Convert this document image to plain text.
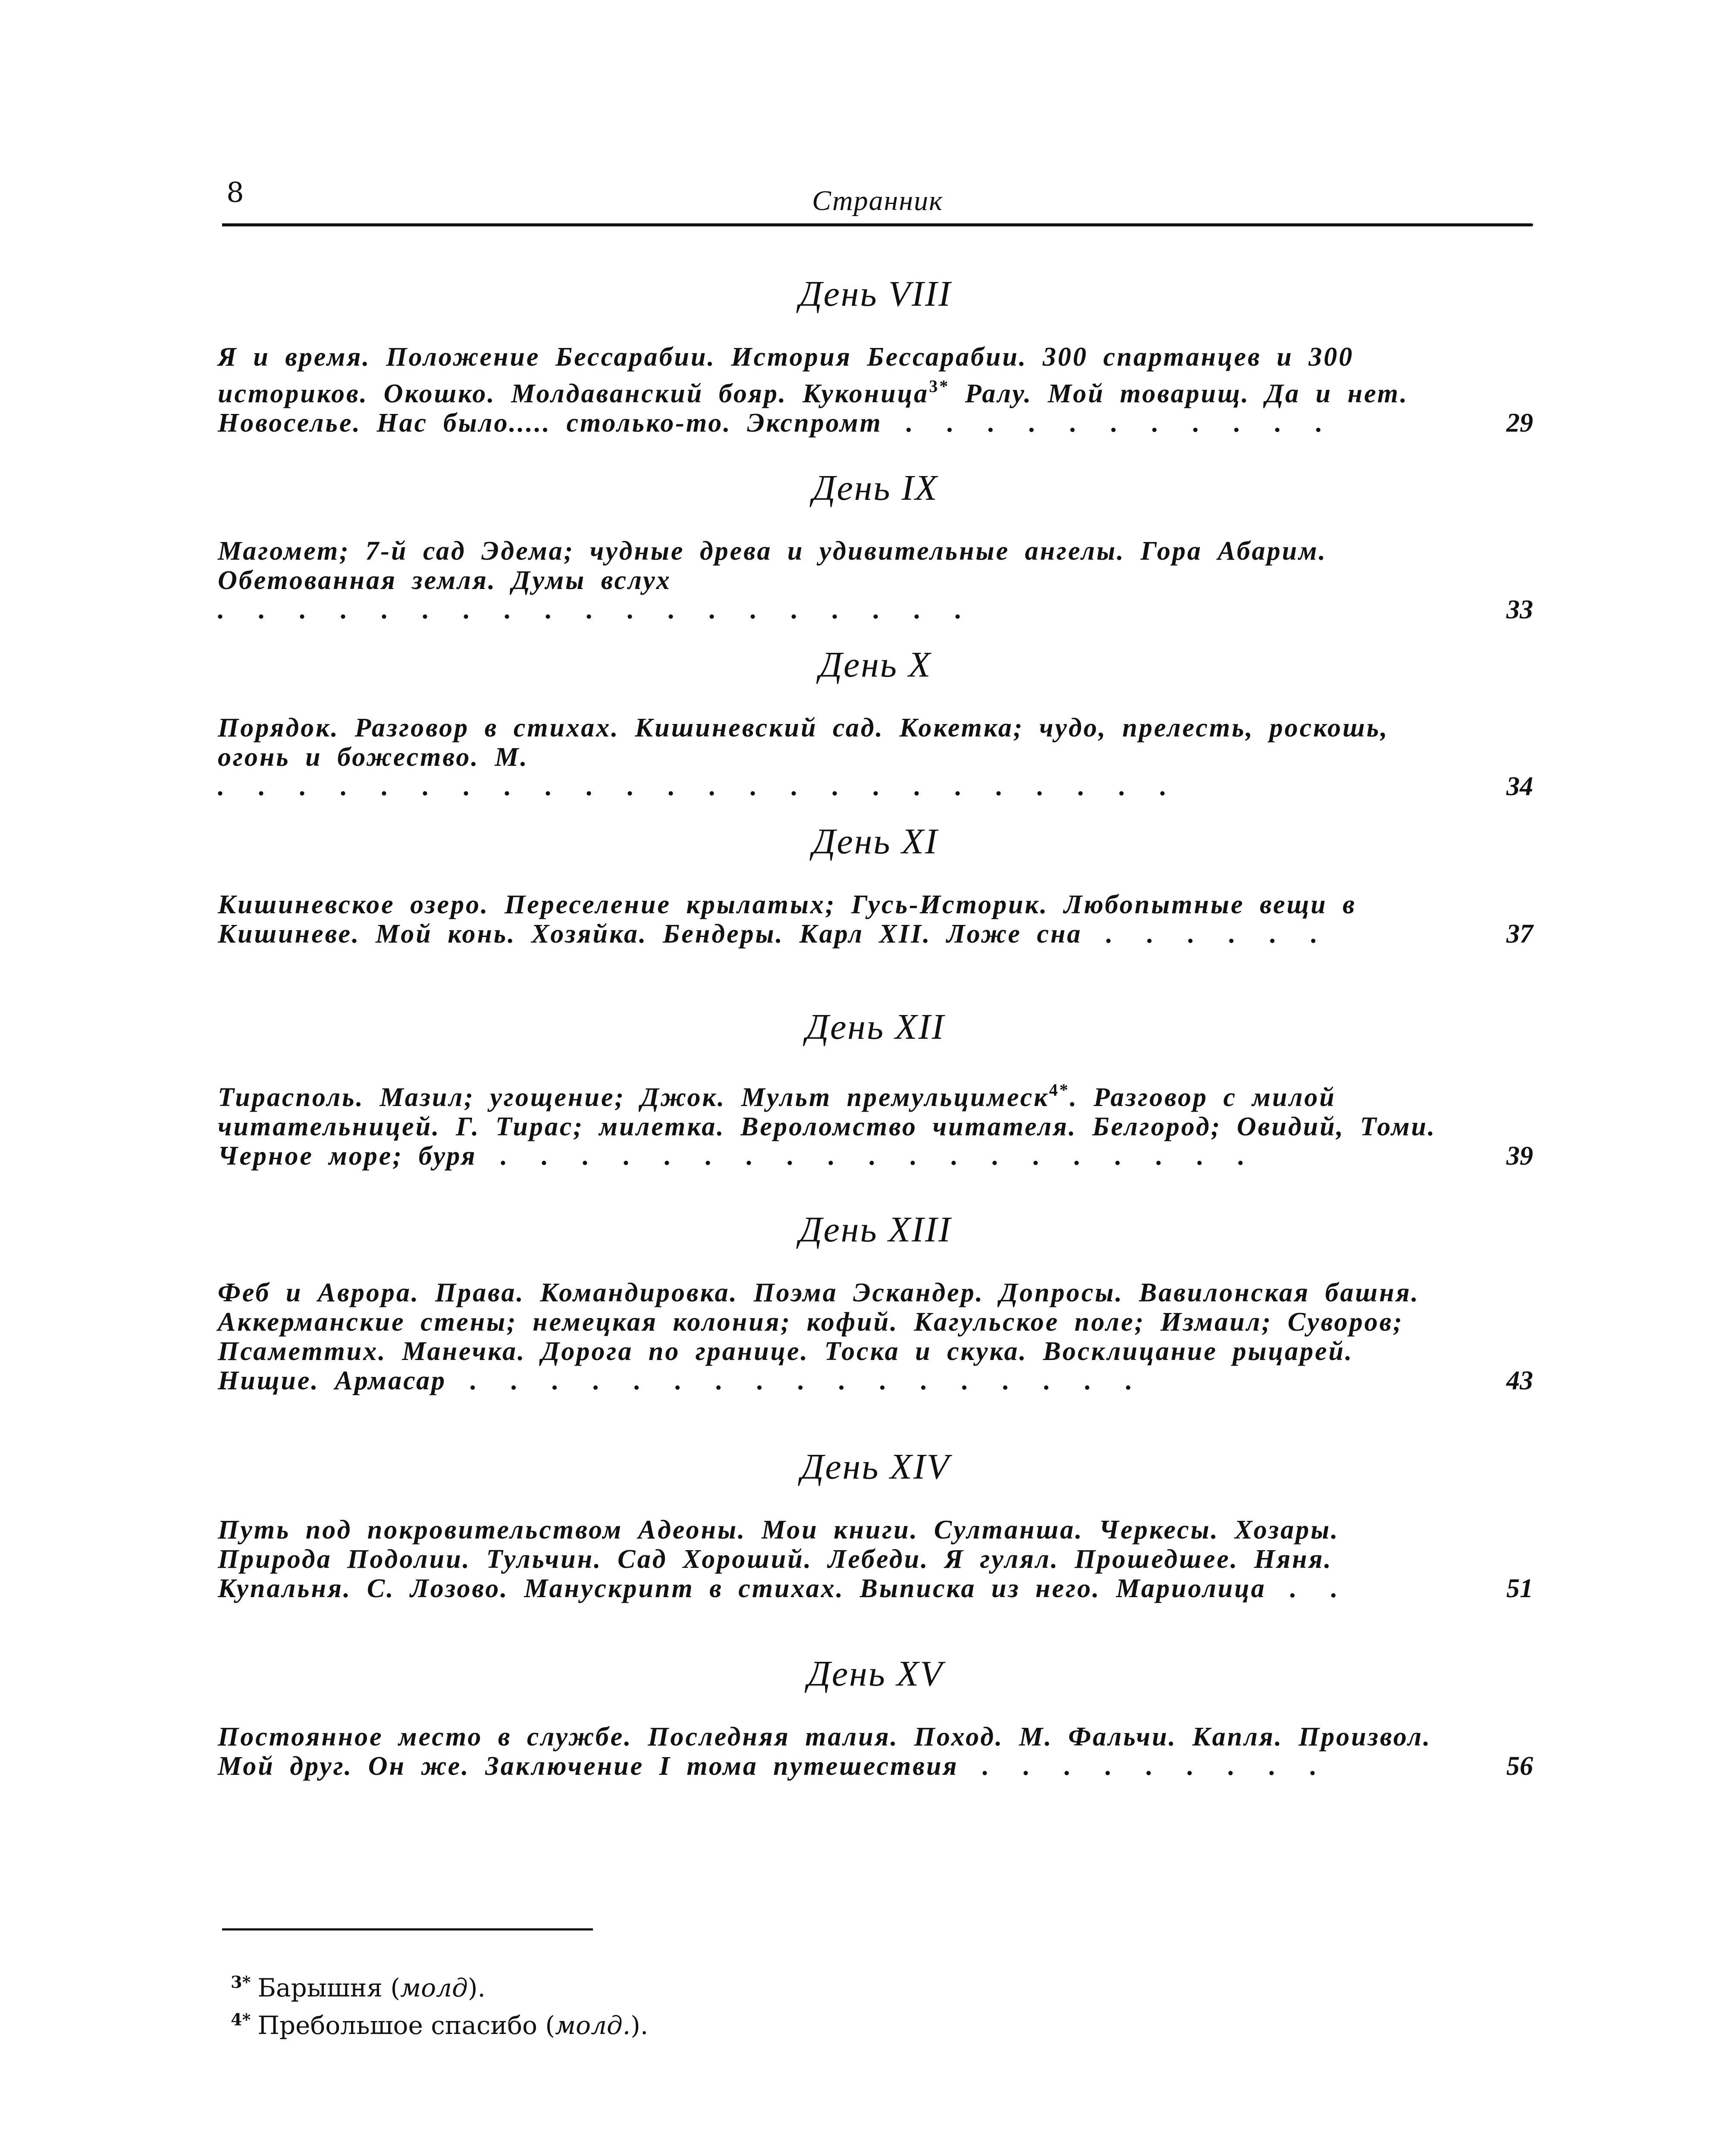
8	Странник
День VIII
Я и время. Положение Бессарабии. История Бессарабии. 300 спартанцев и 300 историков. Окошко. Молдаванский бояр. Куконица$^{3*}$ Ралу. Мой товарищ. Да и нет. Новоселье. Нас было..... столько-то. Экспромт . . . . . . . . . . .	29
День IX
Магомет; 7-й сад Эдема; чудные древа и удивительные ангелы. Гора Абарим. Обетованная земля. Думы вслух . . . . . . . . . . . . . . . . . . .	33
День X
Порядок. Разговор в стихах. Кишиневский сад. Кокетка; чудо, прелесть, роскошь, огонь и божество. М. . . . . . . . . . . . . . . . . . . . . . . . .	34
День XI
Кишиневское озеро. Переселение крылатых; Гусь-Историк. Любопытные вещи в Кишиневе. Мой конь. Хозяйка. Бендеры. Карл XII. Ложе сна . . . . . .	37
День XII
Тирасполь. Мазил; угощение; Джок. Мульт премульцимеск$^{4*}$. Разговор с милой читательницей. Г. Тирас; милетка. Вероломство читателя. Белгород; Овидий, Томи. Черное море; буря . . . . . . . . . . . . . . . . . . .	39
День XIII
Феб и Аврора. Права. Командировка. Поэма Эскандер. Допросы. Вавилонская башня. Аккерманские стены; немецкая колония; кофий. Кагульское поле; Измаил; Суворов; Псаметтих. Манечка. Дорога по границе. Тоска и скука. Восклицание рыцарей. Нищие. Армасар . . . . . . . . . . . . . . . . .	43
День XIV
Путь под покровительством Адеоны. Мои книги. Султанша. Черкесы. Хозары. Природа Подолии. Тульчин. Сад Хороший. Лебеди. Я гулял. Прошедшее. Няня. Купальня. С. Лозово. Манускрипт в стихах. Выписка из него. Мариолица . .	51
День XV
Постоянное место в службе. Последняя талия. Поход. М. Фальчи. Капля. Произвол. Мой друг. Он же. Заключение I тома путешествия . . . . . . . . .	56
$^{3*}$ Барышня (молд).
$^{4*}$ Пребольшое спасибо (молд.).
